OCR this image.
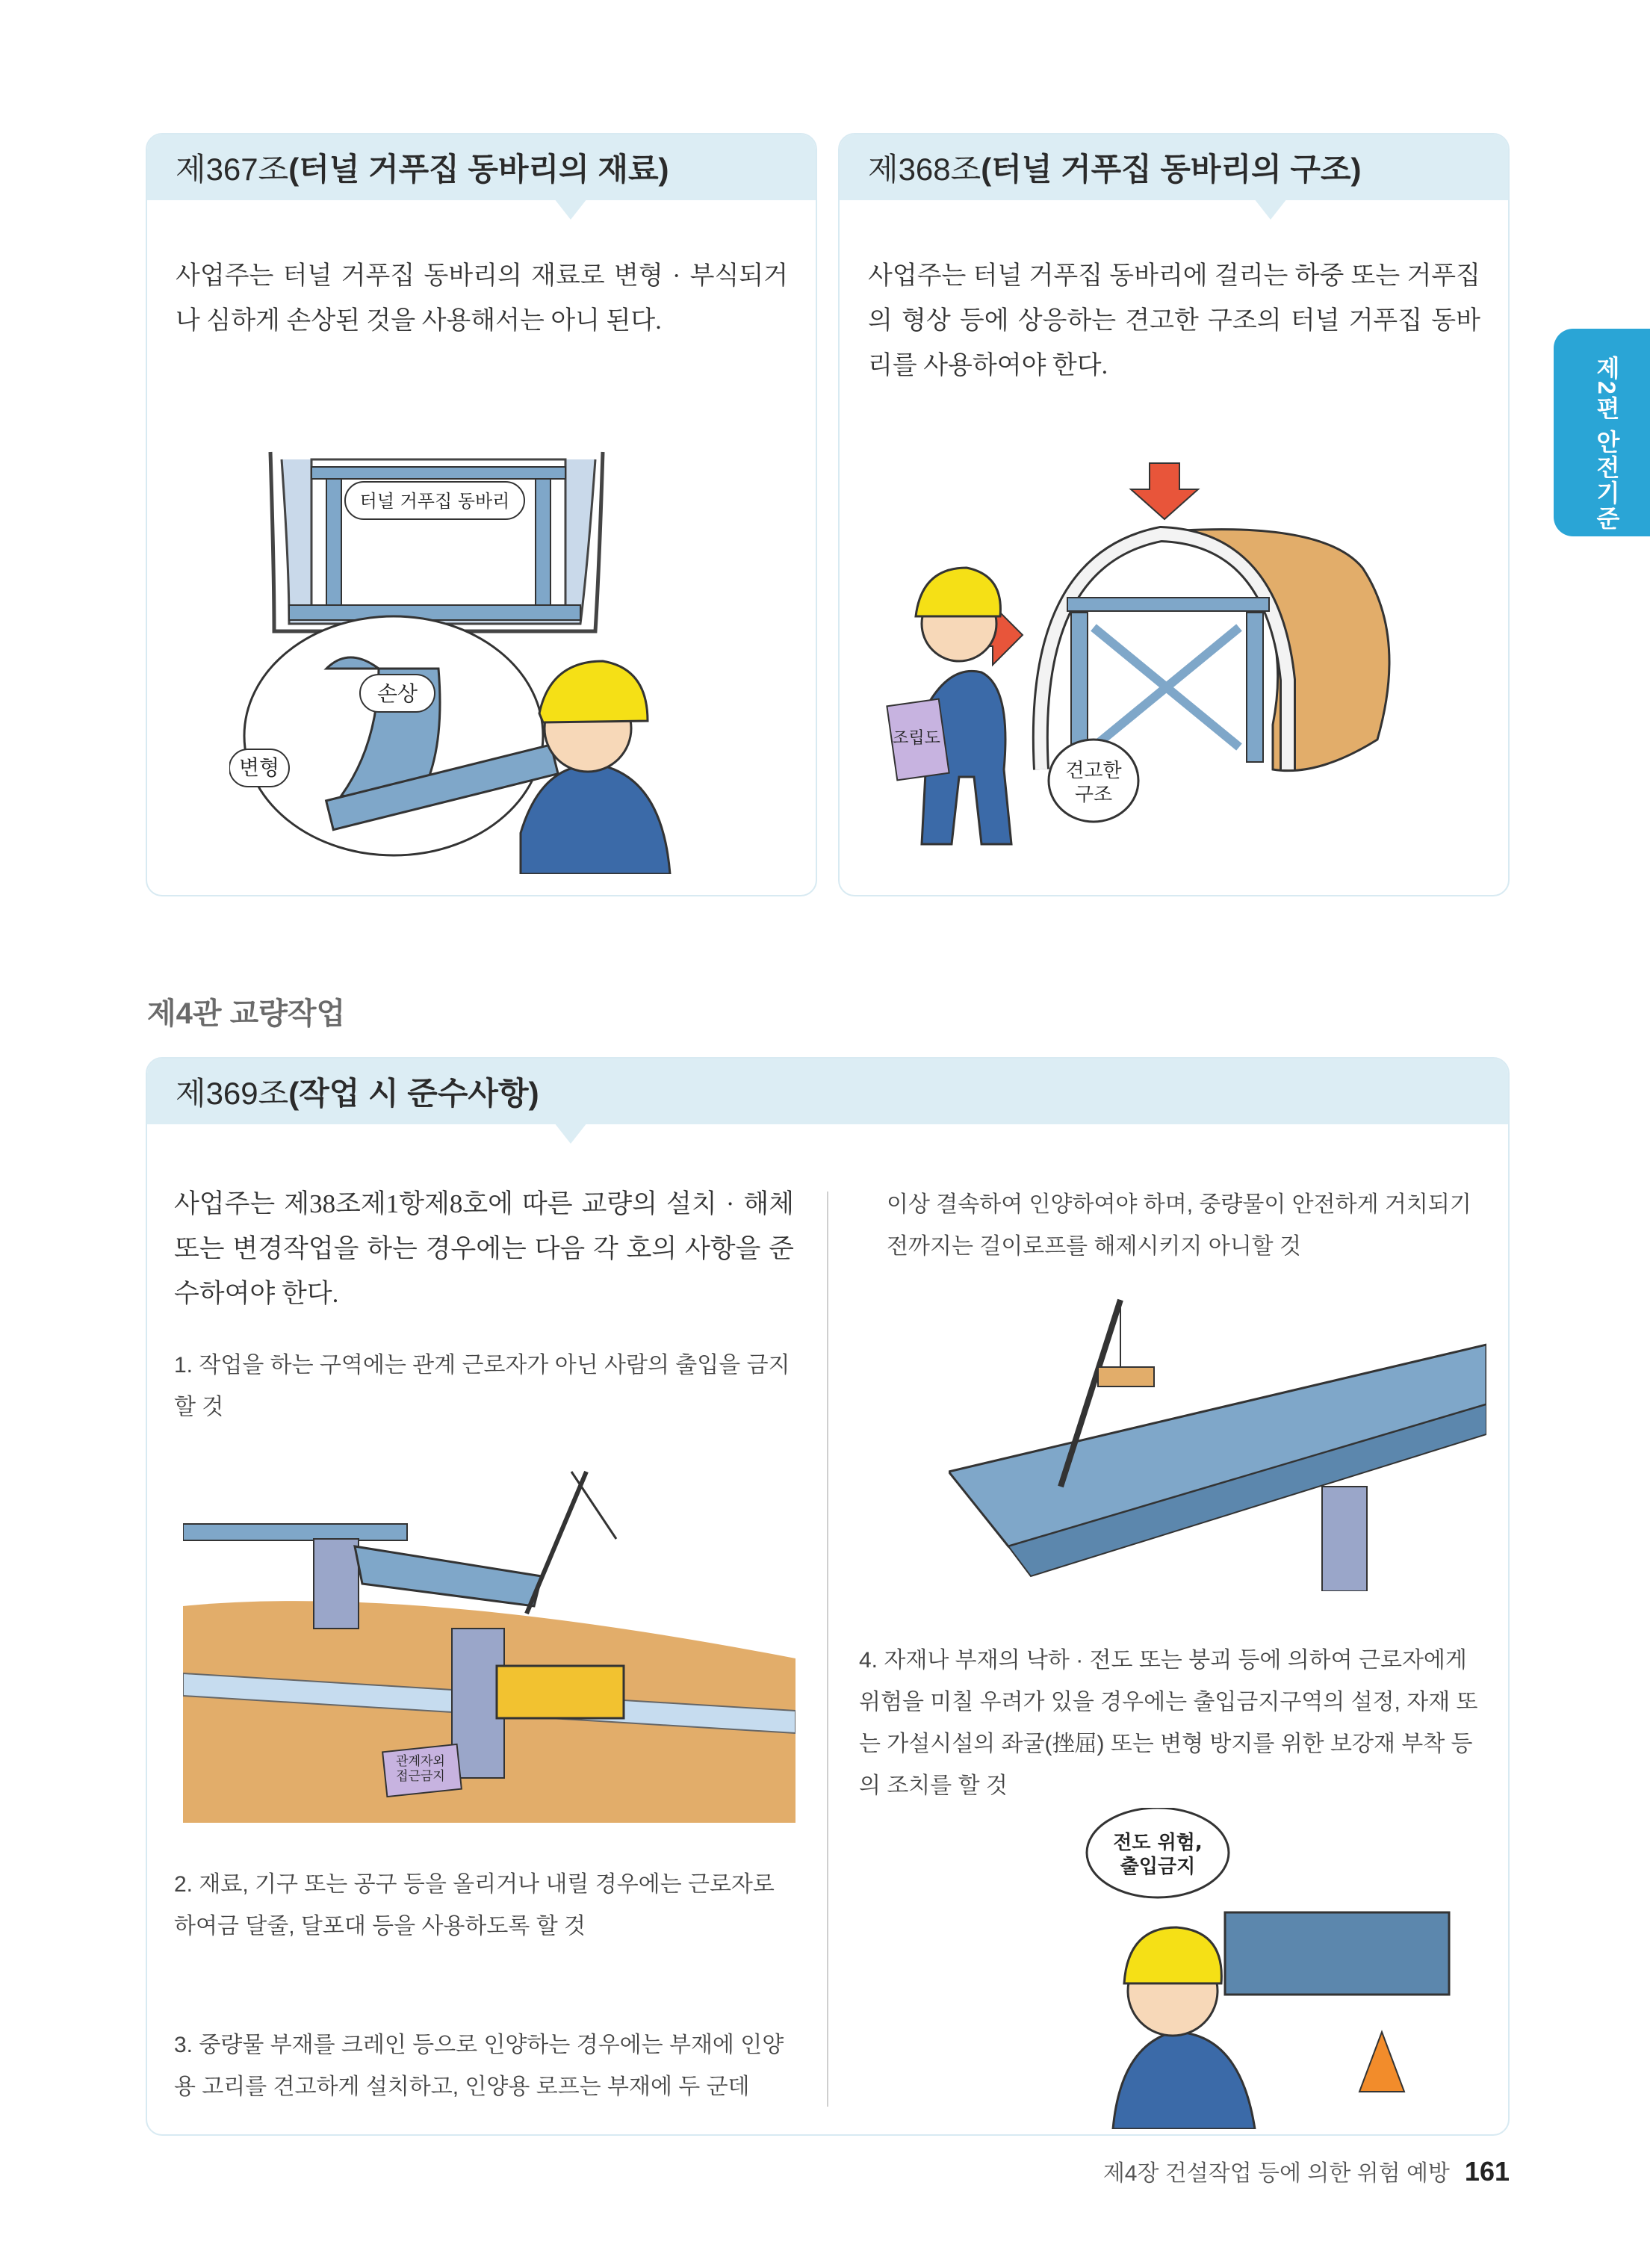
제2편 안전기준
제367조(터널 거푸집 동바리의 재료)
사업주는 터널 거푸집 동바리의 재료로 변형 · 부식되거나 심하게 손상된 것을 사용해서는 아니 된다.
터널 거푸집 동바리
손상
변형
제368조(터널 거푸집 동바리의 구조)
사업주는 터널 거푸집 동바리에 걸리는 하중 또는 거푸집의 형상 등에 상응하는 견고한 구조의 터널 거푸집 동바리를 사용하여야 한다.
조립도
견고한 구조
제4관 교량작업
제369조(작업 시 준수사항)
사업주는 제38조제1항제8호에 따른 교량의 설치 · 해체 또는 변경작업을 하는 경우에는 다음 각 호의 사항을 준수하여야 한다.
1. 작업을 하는 구역에는 관계 근로자가 아닌 사람의 출입을 금지할 것
관계자외 접근금지
2. 재료, 기구 또는 공구 등을 올리거나 내릴 경우에는 근로자로 하여금 달줄, 달포대 등을 사용하도록 할 것
3. 중량물 부재를 크레인 등으로 인양하는 경우에는 부재에 인양용 고리를 견고하게 설치하고, 인양용 로프는 부재에 두 군데
이상 결속하여 인양하여야 하며, 중량물이 안전하게 거치되기 전까지는 걸이로프를 해제시키지 아니할 것
4. 자재나 부재의 낙하 · 전도 또는 붕괴 등에 의하여 근로자에게 위험을 미칠 우려가 있을 경우에는 출입금지구역의 설정, 자재 또는 가설시설의 좌굴(挫屈) 또는 변형 방지를 위한 보강재 부착 등의 조치를 할 것
전도 위험, 출입금지
제4장 건설작업 등에 의한 위험 예방 161
